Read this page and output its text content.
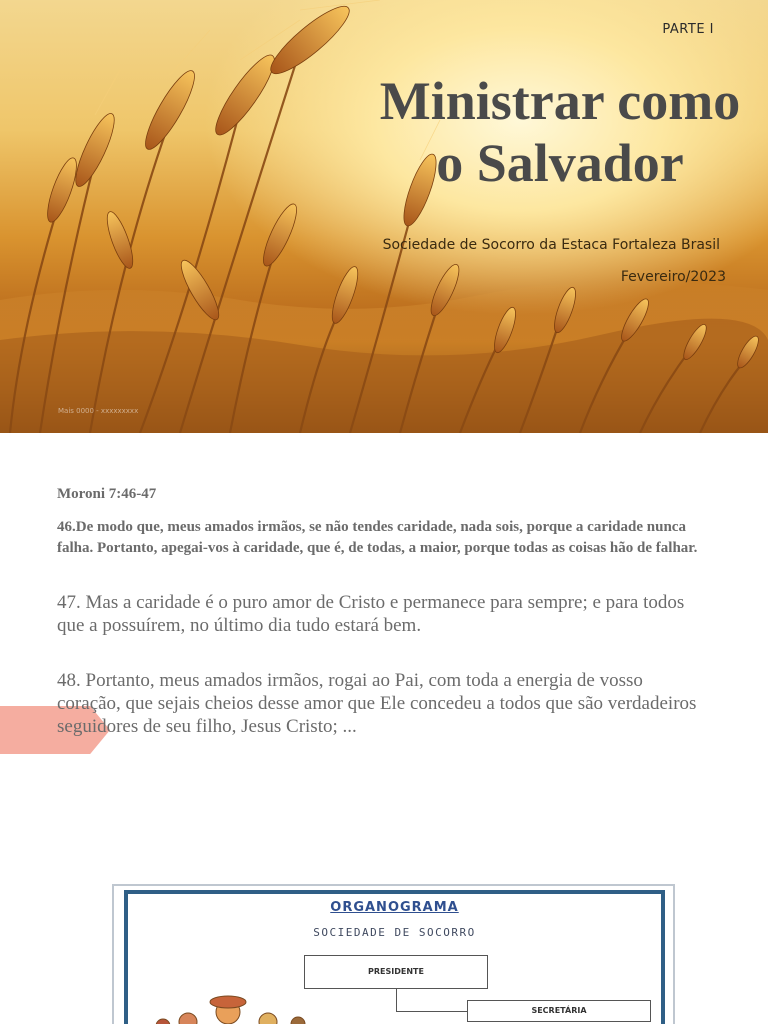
PARTE I
Ministrar como
o Salvador
Sociedade de Socorro da Estaca Fortaleza Brasil
Fevereiro/2023
Mais 0000 - xxxxxxxxx

Moroni 7:46-47

46.De modo que, meus amados irmãos, se não tendes caridade, nada sois, porque a caridade nunca falha. Portanto, apegai-vos à caridade, que é, de todas, a maior, porque todas as coisas hão de falhar.

47. Mas a caridade é o puro amor de Cristo e permanece para sempre; e para todos que a possuírem, no último dia tudo estará bem.

48. Portanto, meus amados irmãos, rogai ao Pai, com toda a energia de vosso coração, que sejais cheios desse amor que Ele concedeu a todos que são verdadeiros seguidores de seu filho, Jesus Cristo; ...

ORGANOGRAMA
SOCIEDADE DE SOCORRO
PRESIDENTE
SECRETÁRIA
